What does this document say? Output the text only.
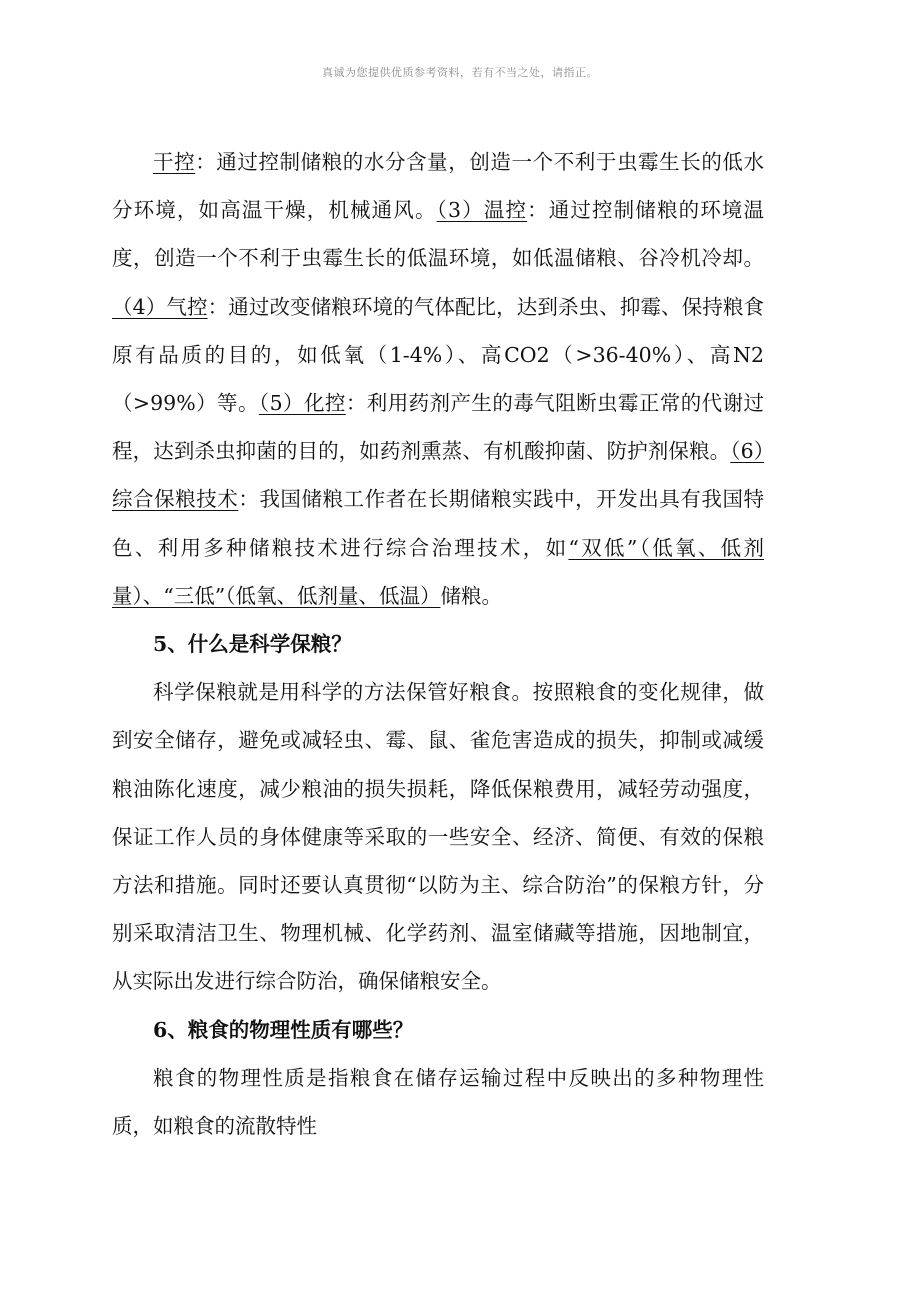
真诚为您提供优质参考资料，若有不当之处，请指正。

干控：通过控制储粮的水分含量，创造一个不利于虫霉生长的低水分环境，如高温干燥，机械通风。（3）温控：通过控制储粮的环境温度，创造一个不利于虫霉生长的低温环境，如低温储粮、谷冷机冷却。（4）气控：通过改变储粮环境的气体配比，达到杀虫、抑霉、保持粮食原有品质的目的，如低氧（1-4%）、高CO2（>36-40%）、高N2（>99%）等。（5）化控：利用药剂产生的毒气阻断虫霉正常的代谢过程，达到杀虫抑菌的目的，如药剂熏蒸、有机酸抑菌、防护剂保粮。（6）综合保粮技术：我国储粮工作者在长期储粮实践中，开发出具有我国特色、利用多种储粮技术进行综合治理技术，如“双低”（低氧、低剂量）、“三低”（低氧、低剂量、低温）储粮。

5、什么是科学保粮？

科学保粮就是用科学的方法保管好粮食。按照粮食的变化规律，做到安全储存，避免或减轻虫、霉、鼠、雀危害造成的损失，抑制或减缓粮油陈化速度，减少粮油的损失损耗，降低保粮费用，减轻劳动强度，保证工作人员的身体健康等采取的一些安全、经济、简便、有效的保粮方法和措施。同时还要认真贯彻“以防为主、综合防治”的保粮方针，分别采取清洁卫生、物理机械、化学药剂、温室储藏等措施，因地制宜，从实际出发进行综合防治，确保储粮安全。

6、粮食的物理性质有哪些？

粮食的物理性质是指粮食在储存运输过程中反映出的多种物理性质，如粮食的流散特性
